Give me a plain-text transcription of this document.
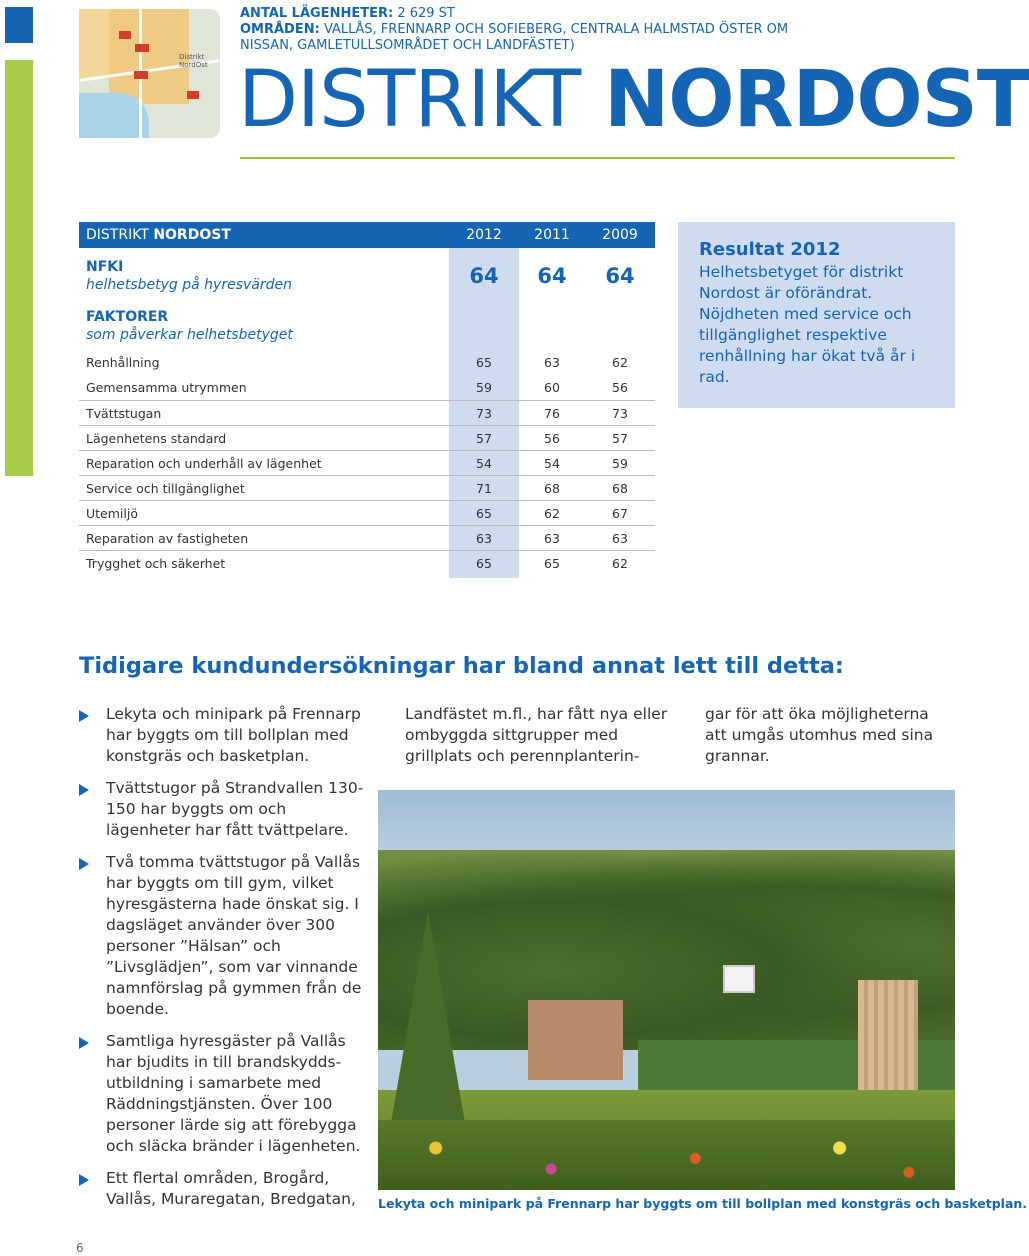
Distrikt
NordOst
ANTAL LÄGENHETER: 2 629 ST
OMRÅDEN: VALLÅS, FRENNARP OCH SOFIEBERG, CENTRALA HALMSTAD ÖSTER OM
NISSAN, GAMLETULLSOMRÅDET OCH LANDFÄSTET)
DISTRIKT NORDOST
DISTRIKT NORDOST	2012	2011	2009
NFKI
helhetsbetyg på hyresvärden	64	64	64
FAKTORER
som påverkar helhetsbetyget
Renhållning	65	63	62
Gemensamma utrymmen	59	60	56
Tvättstugan	73	76	73
Lägenhetens standard	57	56	57
Reparation och underhåll av lägenhet	54	54	59
Service och tillgänglighet	71	68	68
Utemiljö	65	62	67
Reparation av fastigheten	63	63	63
Trygghet och säkerhet	65	65	62
Resultat 2012
Helhetsbetyget för distrikt Nordost är oförändrat. Nöjdheten med service och tillgänglighet respektive renhållning har ökat två år i rad.
Tidigare kundundersökningar har bland annat lett till detta:
Lekyta och minipark på Frennarp har byggts om till bollplan med konstgräs och basketplan.
Tvättstugor på Strandvallen 130-150 har byggts om och lägenheter har fått tvättpelare.
Två tomma tvättstugor på Vallås har byggts om till gym, vilket hyresgästerna hade önskat sig. I dagsläget använder över 300 personer ”Hälsan” och ”Livsglädjen”, som var vinnande namnförslag på gymmen från de boende.
Samtliga hyresgäster på Vallås har bjudits in till brandskydds-utbildning i samarbete med Räddningstjänsten. Över 100 personer lärde sig att förebygga och släcka bränder i lägenheten.
Ett flertal områden, Brogård, Vallås, Muraregatan, Bredgatan,
Landfästet m.fl., har fått nya eller ombyggda sittgrupper med grillplats och perennplanterin-
gar för att öka möjligheterna att umgås utomhus med sina grannar.
Lekyta och minipark på Frennarp har byggts om till bollplan med konstgräs och basketplan.
6
